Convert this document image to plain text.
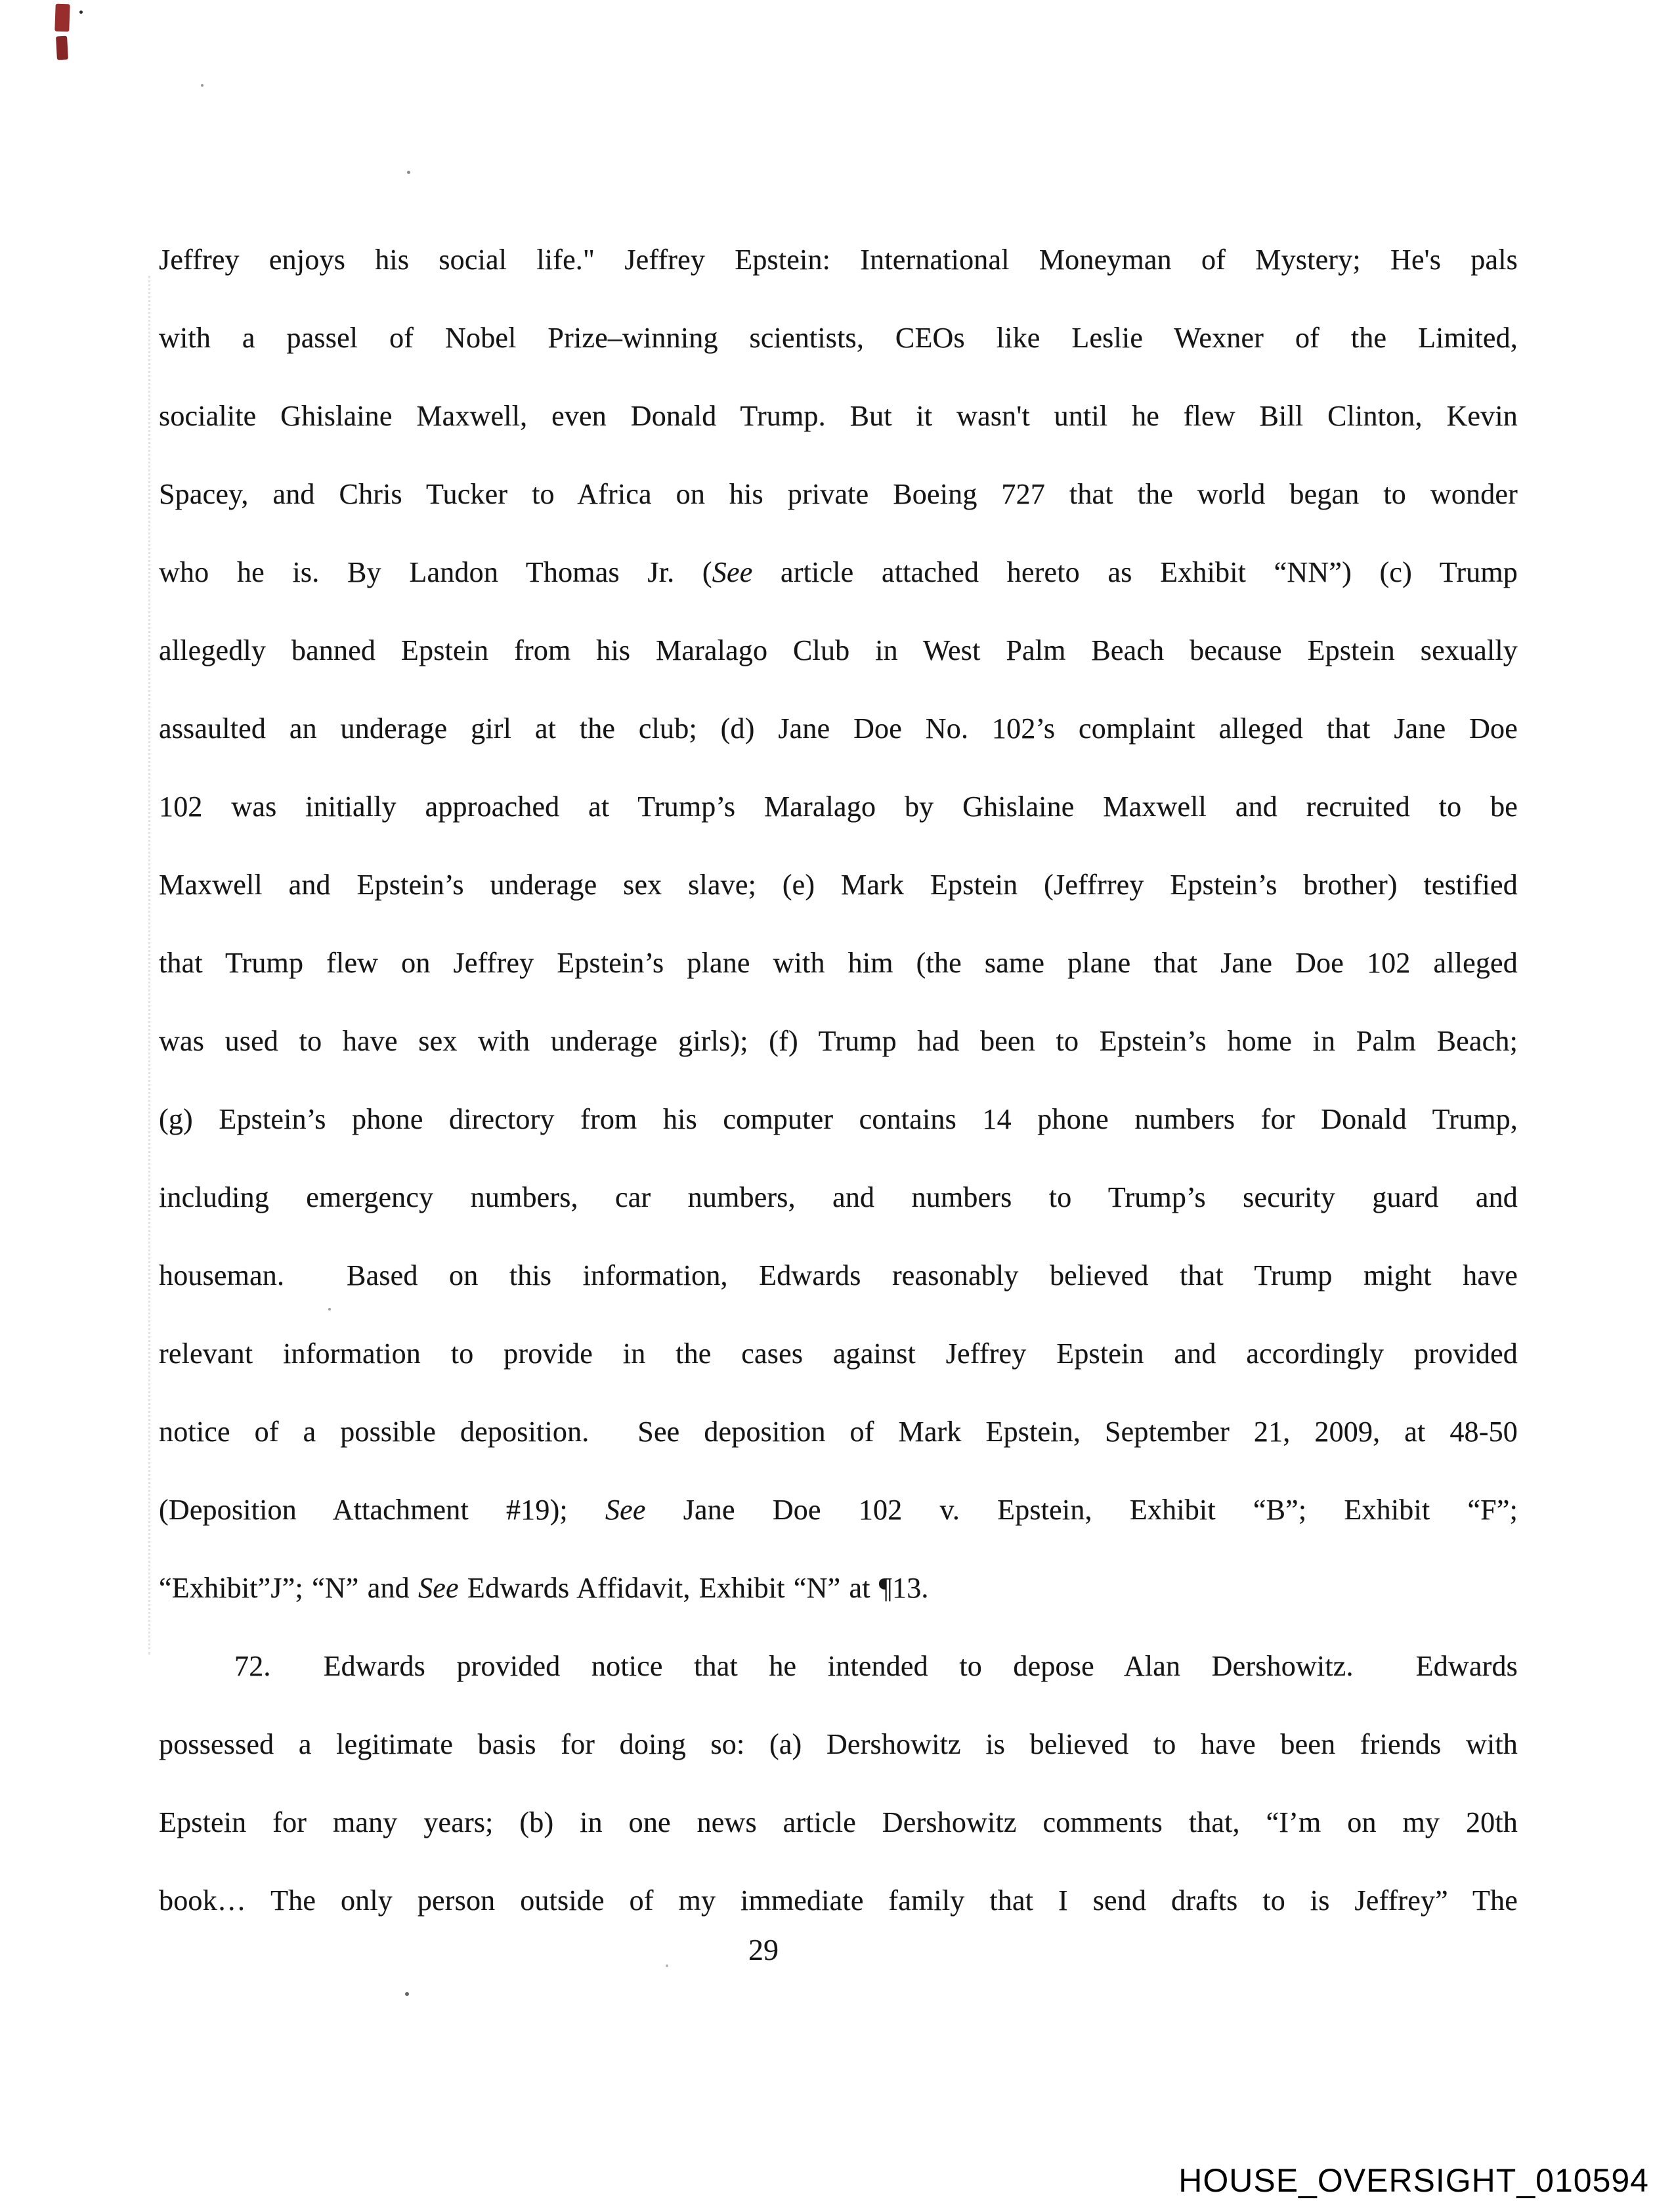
Jeffrey enjoys his social life." Jeffrey Epstein: International Moneyman of Mystery; He's pals
with a passel of Nobel Prize–winning scientists, CEOs like Leslie Wexner of the Limited,
socialite Ghislaine Maxwell, even Donald Trump. But it wasn't until he flew Bill Clinton, Kevin
Spacey, and Chris Tucker to Africa on his private Boeing 727 that the world began to wonder
who he is. By Landon Thomas Jr. (See article attached hereto as Exhibit “NN”) (c) Trump
allegedly banned Epstein from his Maralago Club in West Palm Beach because Epstein sexually
assaulted an underage girl at the club; (d) Jane Doe No. 102’s complaint alleged that Jane Doe
102 was initially approached at Trump’s Maralago by Ghislaine Maxwell and recruited to be
Maxwell and Epstein’s underage sex slave; (e) Mark Epstein (Jeffrrey Epstein’s brother) testified
that Trump flew on Jeffrey Epstein’s plane with him (the same plane that Jane Doe 102 alleged
was used to have sex with underage girls); (f) Trump had been to Epstein’s home in Palm Beach;
(g) Epstein’s phone directory from his computer contains 14 phone numbers for Donald Trump,
including emergency numbers, car numbers, and numbers to Trump’s security guard and
houseman.  Based on this information, Edwards reasonably believed that Trump might have
relevant information to provide in the cases against Jeffrey Epstein and accordingly provided
notice of a possible deposition.  See deposition of Mark Epstein, September 21, 2009, at 48-50
(Deposition Attachment #19); See Jane Doe 102 v. Epstein, Exhibit “B”; Exhibit “F”;
“Exhibit”J”; “N” and See Edwards Affidavit, Exhibit “N” at ¶13.
72. Edwards provided notice that he intended to depose Alan Dershowitz.  Edwards
possessed a legitimate basis for doing so: (a) Dershowitz is believed to have been friends with
Epstein for many years; (b) in one news article Dershowitz comments that, “I’m on my 20th
book… The only person outside of my immediate family that I send drafts to is Jeffrey” The
29
HOUSE_OVERSIGHT_010594
